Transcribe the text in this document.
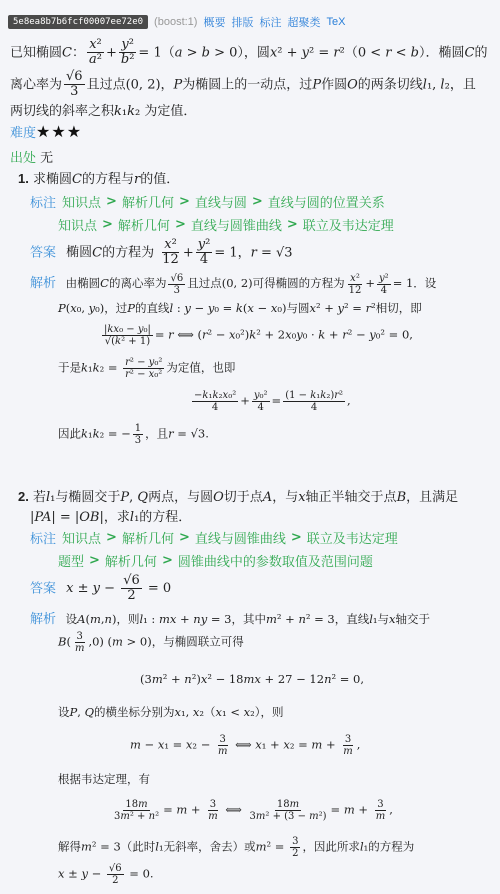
5e8ea8b7b6fcf00007ee72e0	(boost:1) 概要 排版 标注 超聚类 TeX
已知椭圆C： $\frac{\text{x²}}{\text{a²}} + \frac{\text{y²}}{\text{b²}} = 1(a > b > 0)$，圆x² + y² = r²（0 < r < b）．椭圆C的
离心率为 $\frac{√6}{3}$ 且过点(0, 2)，P为椭圆上的一动点，过P作圆O的两条切线l₁, l₂，且
两切线的斜率之积k₁k₂ 为定值．
难度★★★
出处 无
1. 求椭圆C的方程与r的值．
标注 知识点 > 解析几何 > 直线与圆 > 直线与圆的位置关系
知识点 > 解析几何 > 直线与圆锥曲线 > 联立及韦达定理
答案 椭圆C的方程为 $\frac{\text{x²}}{12} + \frac{\text{y²}}{4} = 1$，r = √3
解析 由椭圆C的离心率为 $\frac{√6}{3}$ 且过点(0, 2)可得椭圆的方程为 $\frac{\text{x²}}{12} + \frac{\text{y²}}{4} = 1$．设
P(x₀, y₀)，过P的直线l : y − y₀ = k(x − x₀)与圆x² + y² = r²相切，即
$\frac{\text{|kx₀ − y₀|}}{\text{√(k² + 1)}} = r$ ⟺ (r² − x₀²)k² + 2x₀y₀ · k + r² − y₀² = 0,
于是$k_1k_2 = \frac{\text{r² − y₀²}}{\text{r² − x₀²}}$ 为定值，也即
$\frac{\text{−k₁k₂x₀²}}{4} + \frac{\text{y₀²}}{4} = \frac{\text{(1 − k₁k₂)r²}}{4}$ ,
因此k₁k₂ = − $\frac{1}{3}$ ，且r = √3.
2. 若l₁与椭圆交于P, Q两点，与圆O切于点A，与x轴正半轴交于点B，且满足
|PA| = |OB|，求l₁的方程．
标注 知识点 > 解析几何 > 直线与圆锥曲线 > 联立及韦达定理
题型 > 解析几何 > 圆锥曲线中的参数取值及范围问题
答案 $x \pm y - \frac{√6}{2} = 0$
解析 设A(m,n)，则l₁ : mx + ny = 3，其中m² + n² = 3，直线l₁与x轴交于
$B( \frac{3}{m} ,0)$ (m > 0)，与椭圆联立可得
(3m² + n²)x² − 18mx + 27 − 12n² = 0,
设P, Q的横坐标分别为x₁, x₂（x₁ < x₂），则
$m - x_1 = x_2 - \frac{3}{m}$ ⟺ $x_1 + x_2 = m + \frac{3}{m}$ ,
根据韦达定理，有
$\frac{18m}{\text{3m² + n²}} = m + \frac{3}{m}$ ⟺ $\frac{18m}{\text{3m² + (3 − m²)}} = m + \frac{3}{m}$ ,
解得m² = 3（此时l₁无斜率，舍去）或$m^2 = \frac{3}{2}$ ，因此所求l₁的方程为
$x \pm y - \frac{√6}{2} = 0$.
